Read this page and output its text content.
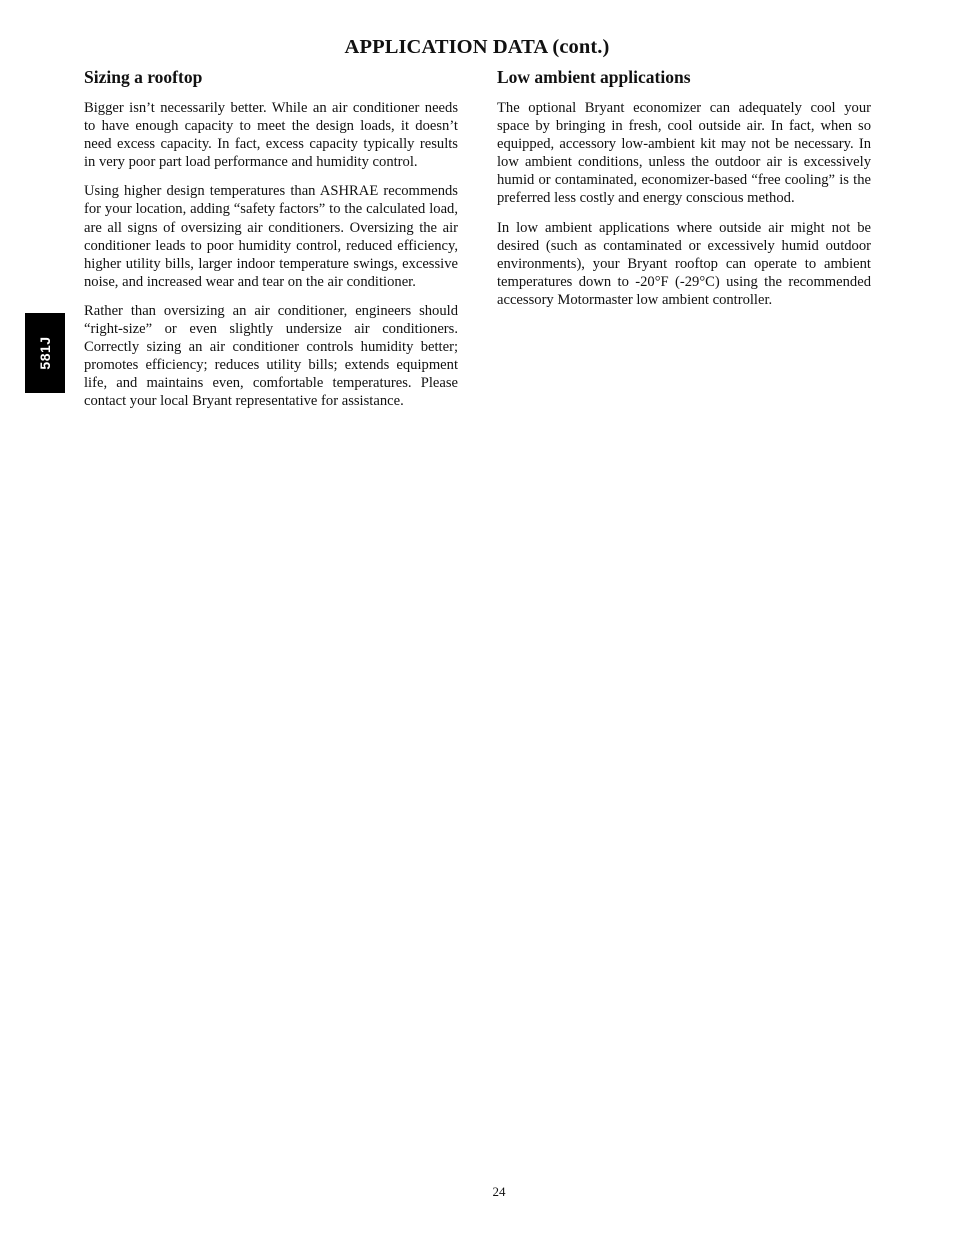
APPLICATION DATA (cont.)
Sizing a rooftop

Bigger isn’t necessarily better. While an air conditioner needs to have enough capacity to meet the design loads, it doesn’t need excess capacity. In fact, excess capacity typically results in very poor part load performance and humidity control.

Using higher design temperatures than ASHRAE recommends for your location, adding “safety factors” to the calculated load, are all signs of oversizing air conditioners. Oversizing the air conditioner leads to poor humidity control, reduced efficiency, higher utility bills, larger indoor temperature swings, excessive noise, and increased wear and tear on the air conditioner.

Rather than oversizing an air conditioner, engineers should “right-size” or even slightly undersize air conditioners. Correctly sizing an air conditioner controls humidity better; promotes efficiency; reduces utility bills; extends equipment life, and maintains even, comfortable temperatures. Please contact your local Bryant representative for assistance.

Low ambient applications

The optional Bryant economizer can adequately cool your space by bringing in fresh, cool outside air. In fact, when so equipped, accessory low-ambient kit may not be necessary. In low ambient conditions, unless the outdoor air is excessively humid or contaminated, economizer-based “free cooling” is the preferred less costly and energy conscious method.

In low ambient applications where outside air might not be desired (such as contaminated or excessively humid outdoor environments), your Bryant rooftop can operate to ambient temperatures down to -20°F (-29°C) using the recommended accessory Motormaster low ambient controller.

581J
24
